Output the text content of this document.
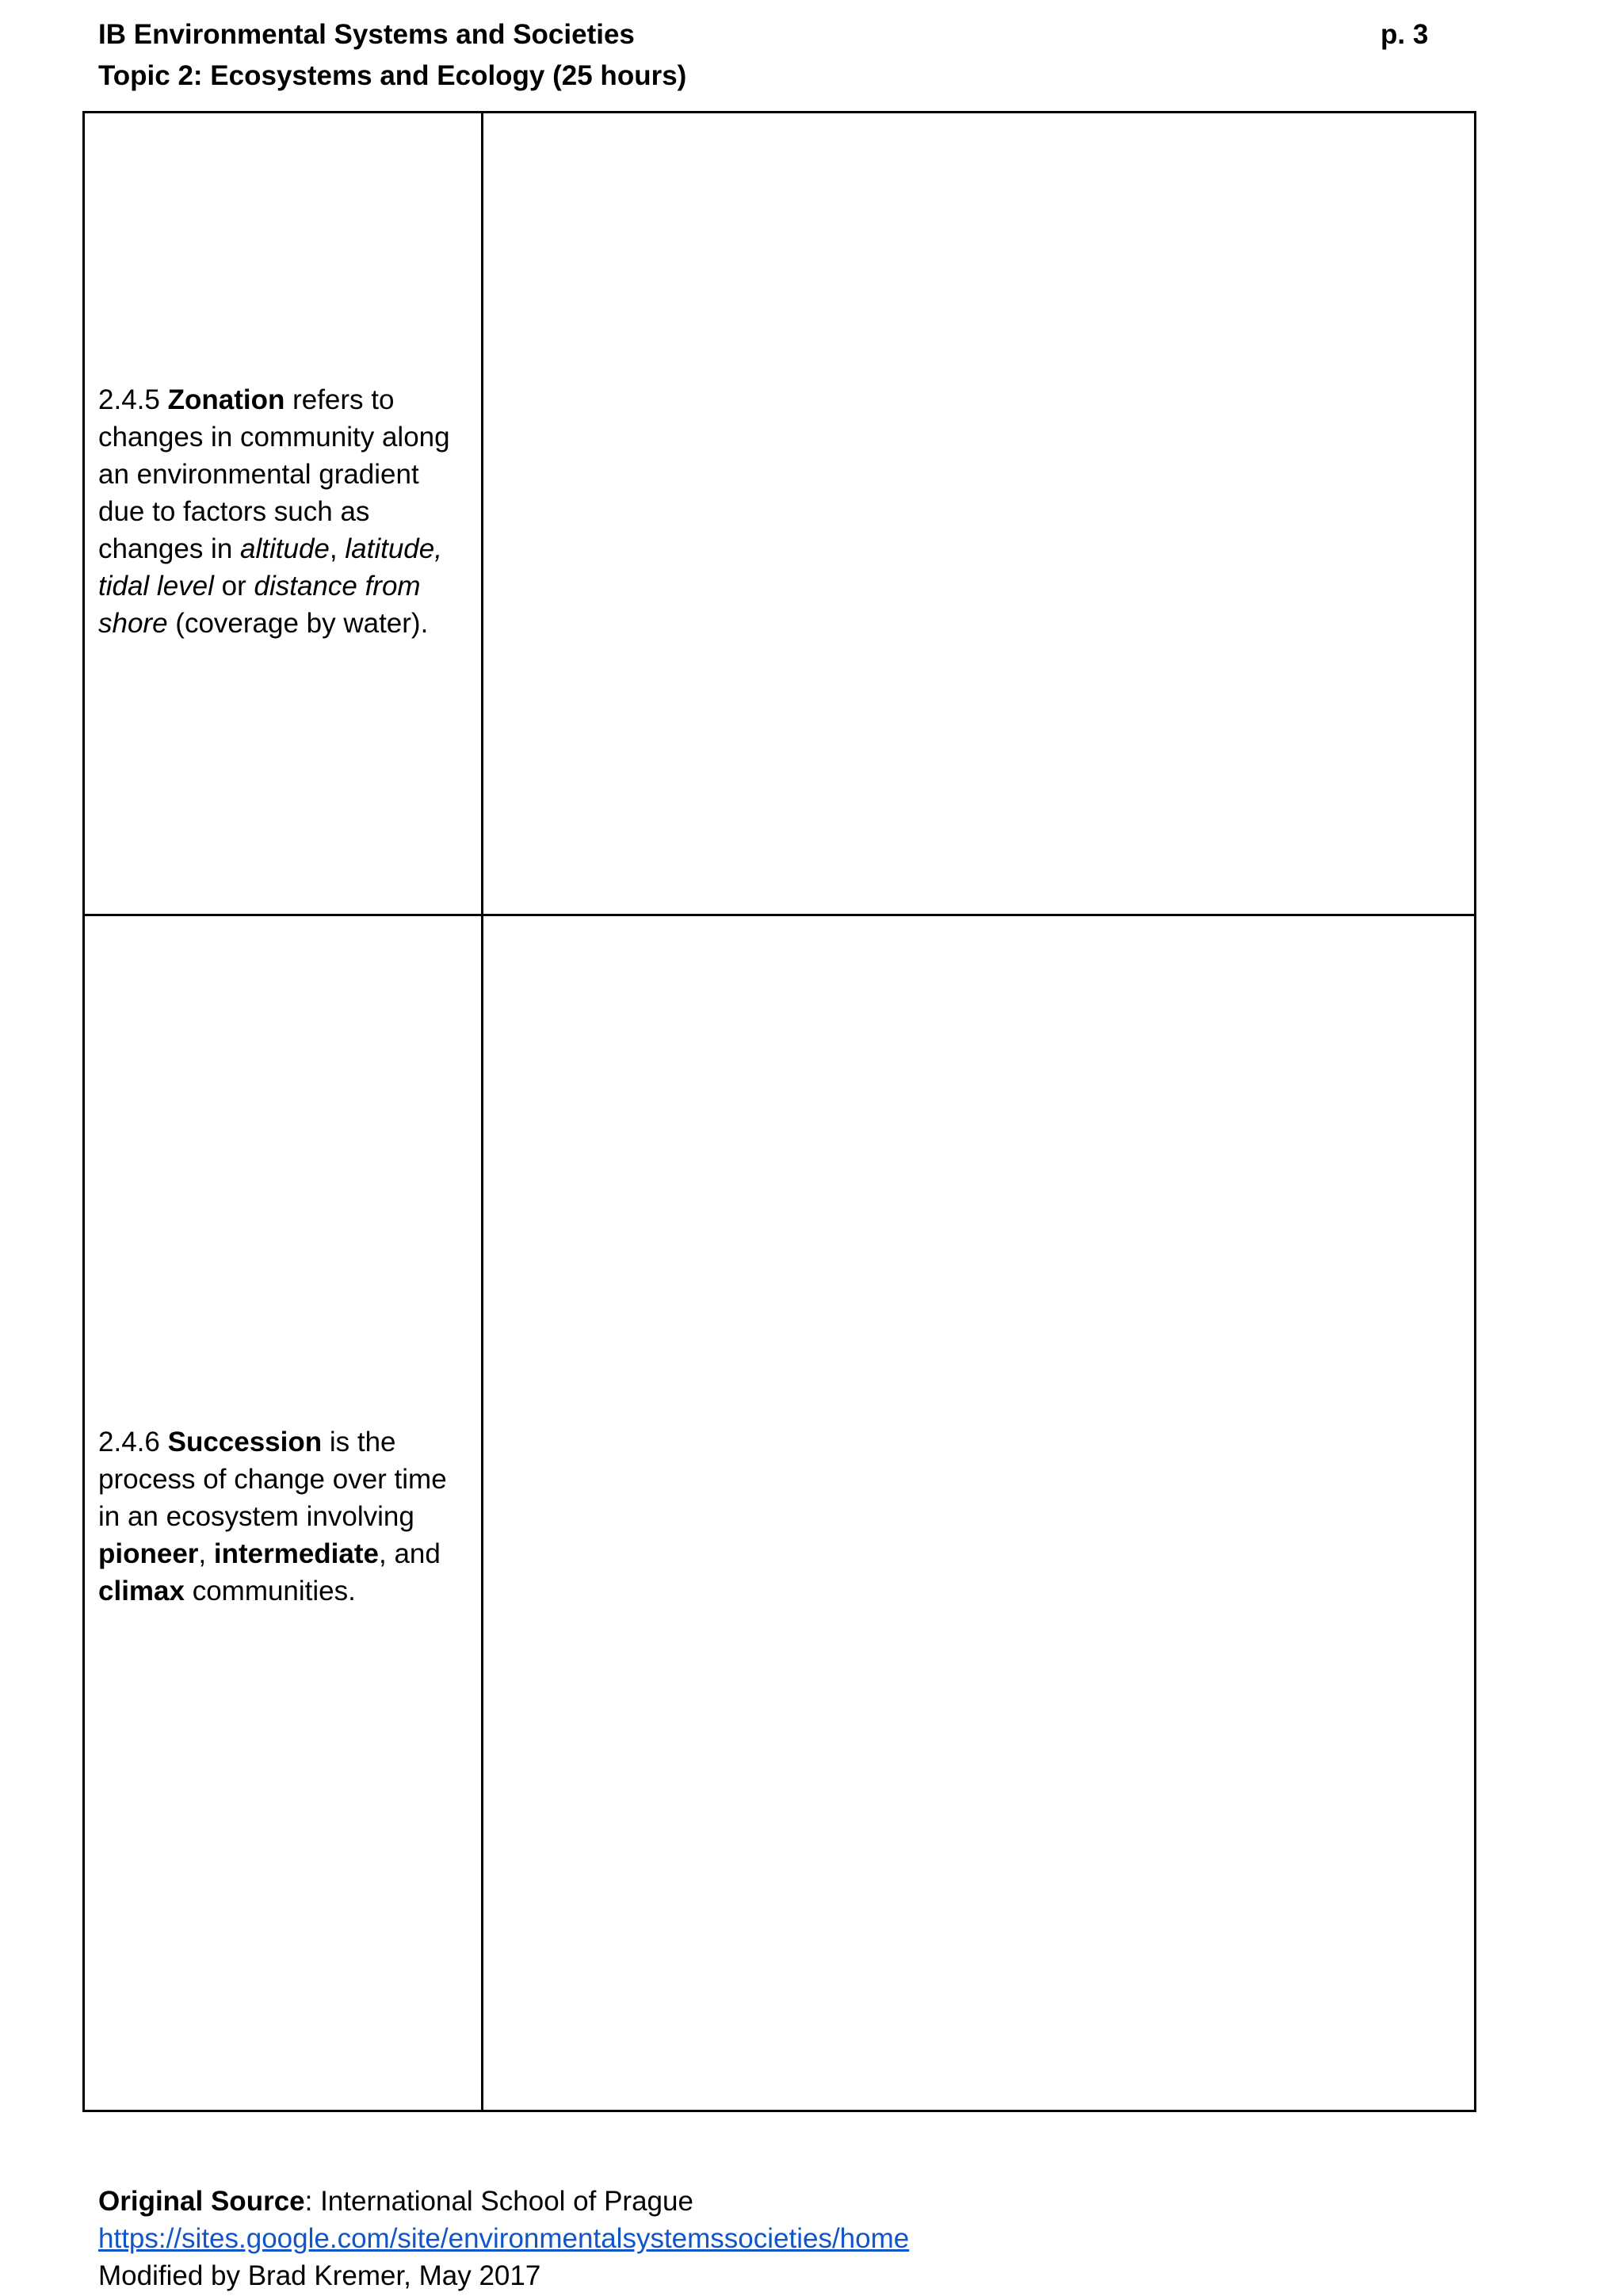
IB Environmental Systems and Societies
Topic 2: Ecosystems and Ecology (25 hours)
p. 3
2.4.5 Zonation refers to changes in community along an environmental gradient due to factors such as changes in altitude, latitude, tidal level or distance from shore (coverage by water).
2.4.6 Succession is the process of change over time in an ecosystem involving pioneer, intermediate, and climax communities.
Original Source: International School of Prague
https://sites.google.com/site/environmentalsystemssocieties/home
Modified by Brad Kremer, May 2017
